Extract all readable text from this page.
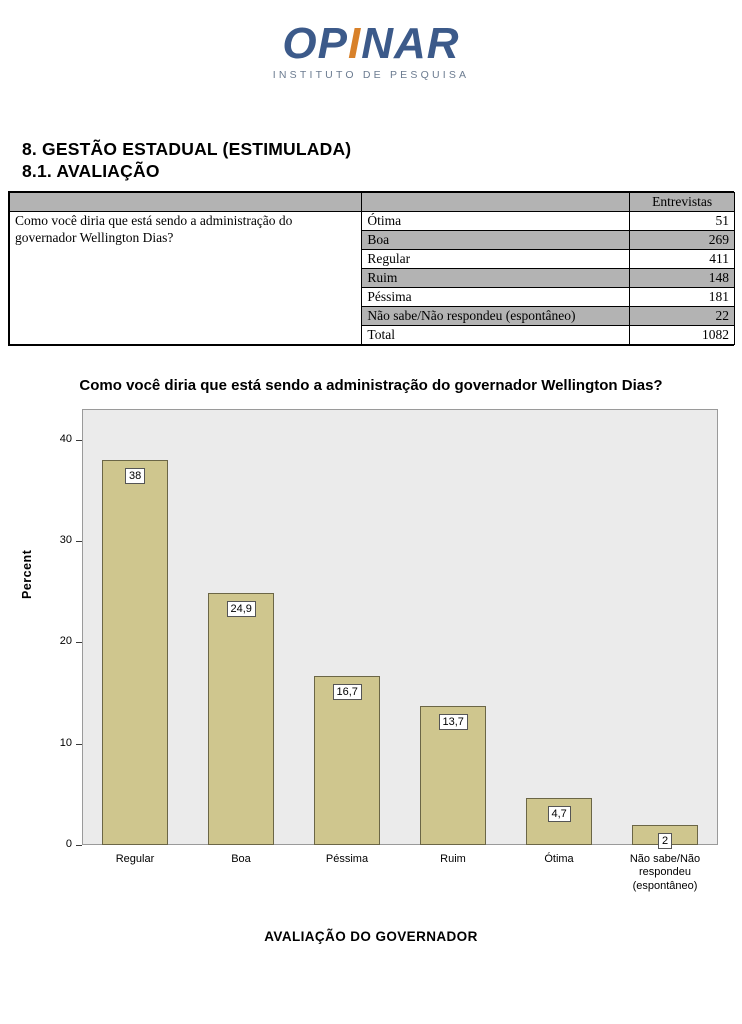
OPINAR
INSTITUTO DE PESQUISA
8. GESTÃO ESTADUAL (ESTIMULADA)
8.1. AVALIAÇÃO
		Entrevistas
Como você diria que está sendo a administração do governador Wellington Dias?	Ótima	51
	Boa	269
	Regular	411
	Ruim	148
	Péssima	181
	Não sabe/Não respondeu (espontâneo)	22
	Total	1082
Como você diria que está sendo a administração do governador Wellington Dias?
Percent
0
10
20
30
40
38
24,9
16,7
13,7
4,7
2
Regular	Boa	Péssima	Ruim	Ótima	Não sabe/Não
respondeu
(espontâneo)
AVALIAÇÃO DO GOVERNADOR
